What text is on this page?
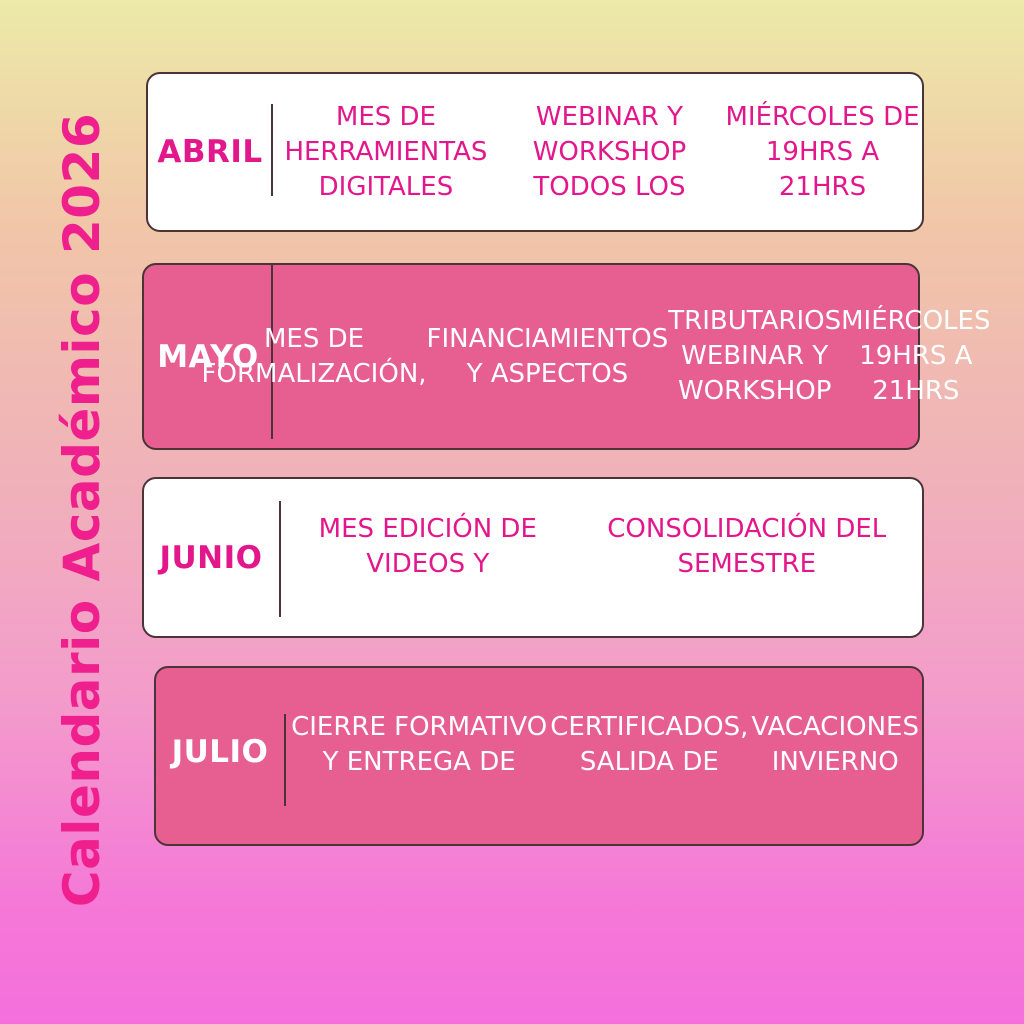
Calendario Académico 2026	ABRIL
MES DE HERRAMIENTAS DIGITALES
WEBINAR Y WORKSHOP TODOS LOS
MIÉRCOLES DE 19HRS A 21HRS
MAYO MES DE FORMALIZACIÓN,
FINANCIAMIENTOS Y ASPECTOS
TRIBUTARIOS WEBINAR Y WORKSHOP
MIÉRCOLES 19HRS A 21HRS
JUNIO
MES EDICIÓN DE VIDEOS Y
CONSOLIDACIÓN DEL SEMESTRE
JULIO
CIERRE FORMATIVO Y ENTREGA DE
CERTIFICADOS, SALIDA DE
VACACIONES INVIERNO
